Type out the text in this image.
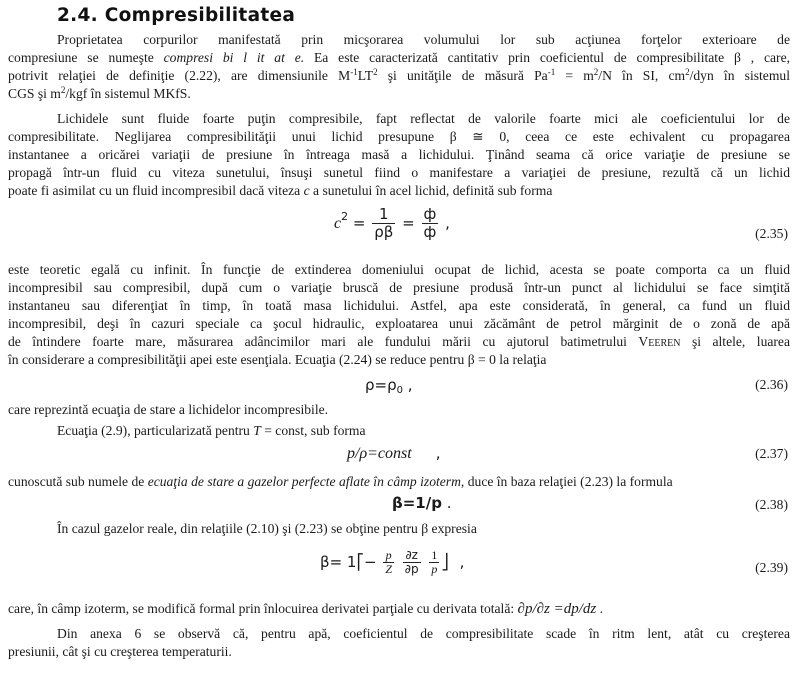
2.4. Compresibilitatea
Proprietatea corpurilor manifestată prin micşorarea volumului lor sub acţiunea forţelor exterioare de
compresiune se numeşte compresi bi l it at e. Ea este caracterizată cantitativ prin coeficientul de compresibilitate β , care,
potrivit relaţiei de definiţie (2.22), are dimensiunile $M^{-1}LT^2$ şi unităţile de măsură $Pa^{-1} = m^2/N$ în SI, $cm^2$/dyn în sistemul
CGS şi $m^2$/kgf în sistemul MKfS.
Lichidele sunt fluide foarte puţin compresibile, fapt reflectat de valorile foarte mici ale coeficientului lor de
compresibilitate. Neglijarea compresibilităţii unui lichid presupune β ≅ 0, ceea ce este echivalent cu propagarea
instantanee a oricărei variaţii de presiune în întreaga masă a lichidului. Ţinând seama că orice variaţie de presiune se
propagă într-un fluid cu viteza sunetului, însuşi sunetul fiind o manifestare a variaţiei de presiune, rezultă că un lichid
poate fi asimilat cu un fluid incompresibil dacă viteza c a sunetului în acel lichid, definită sub forma
$c^2 = \frac{1}{\rho\beta} = \frac{ф}{ф}$ ,
(2.35)
este teoretic egală cu infinit. În funcţie de extinderea domeniului ocupat de lichid, acesta se poate comporta ca un fluid
incompresibil sau compresibil, după cum o variaţie bruscă de presiune produsă într-un punct al lichidului se face simţită
instantaneu sau diferenţiat în timp, în toată masa lichidului. Astfel, apa este considerată, în general, ca fund un fluid
incompresibil, deşi în cazuri speciale ca şocul hidraulic, exploatarea unui zăcământ de petrol mărginit de o zonă de apă
de întindere foarte mare, măsurarea adâncimilor mari ale fundului mării cu ajutorul batimetrului Veeren şi altele, luarea
în considerare a compresibilităţii apei este esenţiala. Ecuaţia (2.24) se reduce pentru β = 0 la relaţia
$\rho=\rho_0$ ,	(2.36)
care reprezintă ecuaţia de stare a lichidelor incompresibile.
Ecuaţia (2.9), particularizată pentru T = const, sub forma
p/ρ=const ,	(2.37)
cunoscută sub numele de ecuaţia de stare a gazelor perfecte aflate în câmp izoterm, duce în baza relaţiei (2.23) la formula
β=1/p .	(2.38)
În cazul gazelor reale, din relaţiile (2.10) şi (2.23) se obţine pentru β expresia
β= 1⎡− $\frac{p}{Z}$
$\frac{\partial z}{\partial p}$
$\frac{1}{p}$ ⎦ ,	(2.39)
care, în câmp izoterm, se modifică formal prin înlocuirea derivatei parţiale cu derivata totală: ∂p/∂z =dp/dz .
Din anexa 6 se observă că, pentru apă, coeficientul de compresibilitate scade în ritm lent, atât cu creşterea
presiunii, cât şi cu creşterea temperaturii.
